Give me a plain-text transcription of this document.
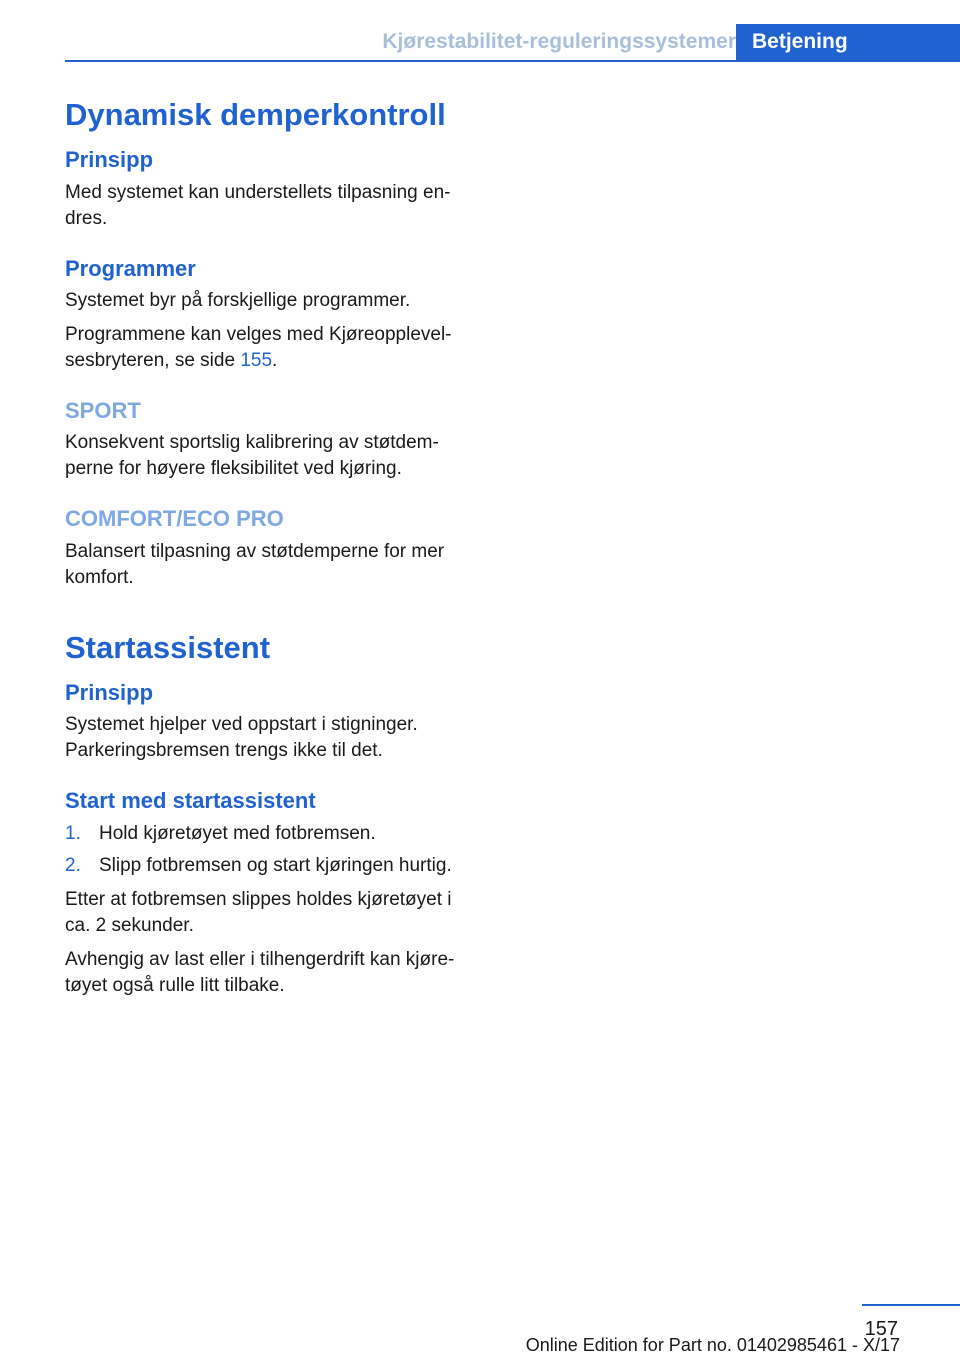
Kjørestabilitet-reguleringssystemer Betjening
Dynamisk demperkontroll
Prinsipp

Med systemet kan understellets tilpasning en-dres.

Programmer

Systemet byr på forskjellige programmer.

Programmene kan velges med Kjøreopplevel-sesbryteren, se side 155.

SPORT

Konsekvent sportslig kalibrering av støtdem-perne for høyere fleksibilitet ved kjøring.

COMFORT/ECO PRO

Balansert tilpasning av støtdemperne for mer komfort.

Startassistent
Prinsipp

Systemet hjelper ved oppstart i stigninger.

Parkeringsbremsen trengs ikke til det.

Start med startassistent
1. Hold kjøretøyet med fotbremsen.
2. Slipp fotbremsen og start kjøringen hurtig.

Etter at fotbremsen slippes holdes kjøretøyet i ca. 2 sekunder.

Avhengig av last eller i tilhengerdrift kan kjøre-tøyet også rulle litt tilbake.

157
Online Edition for Part no. 01402985461 - X/17
